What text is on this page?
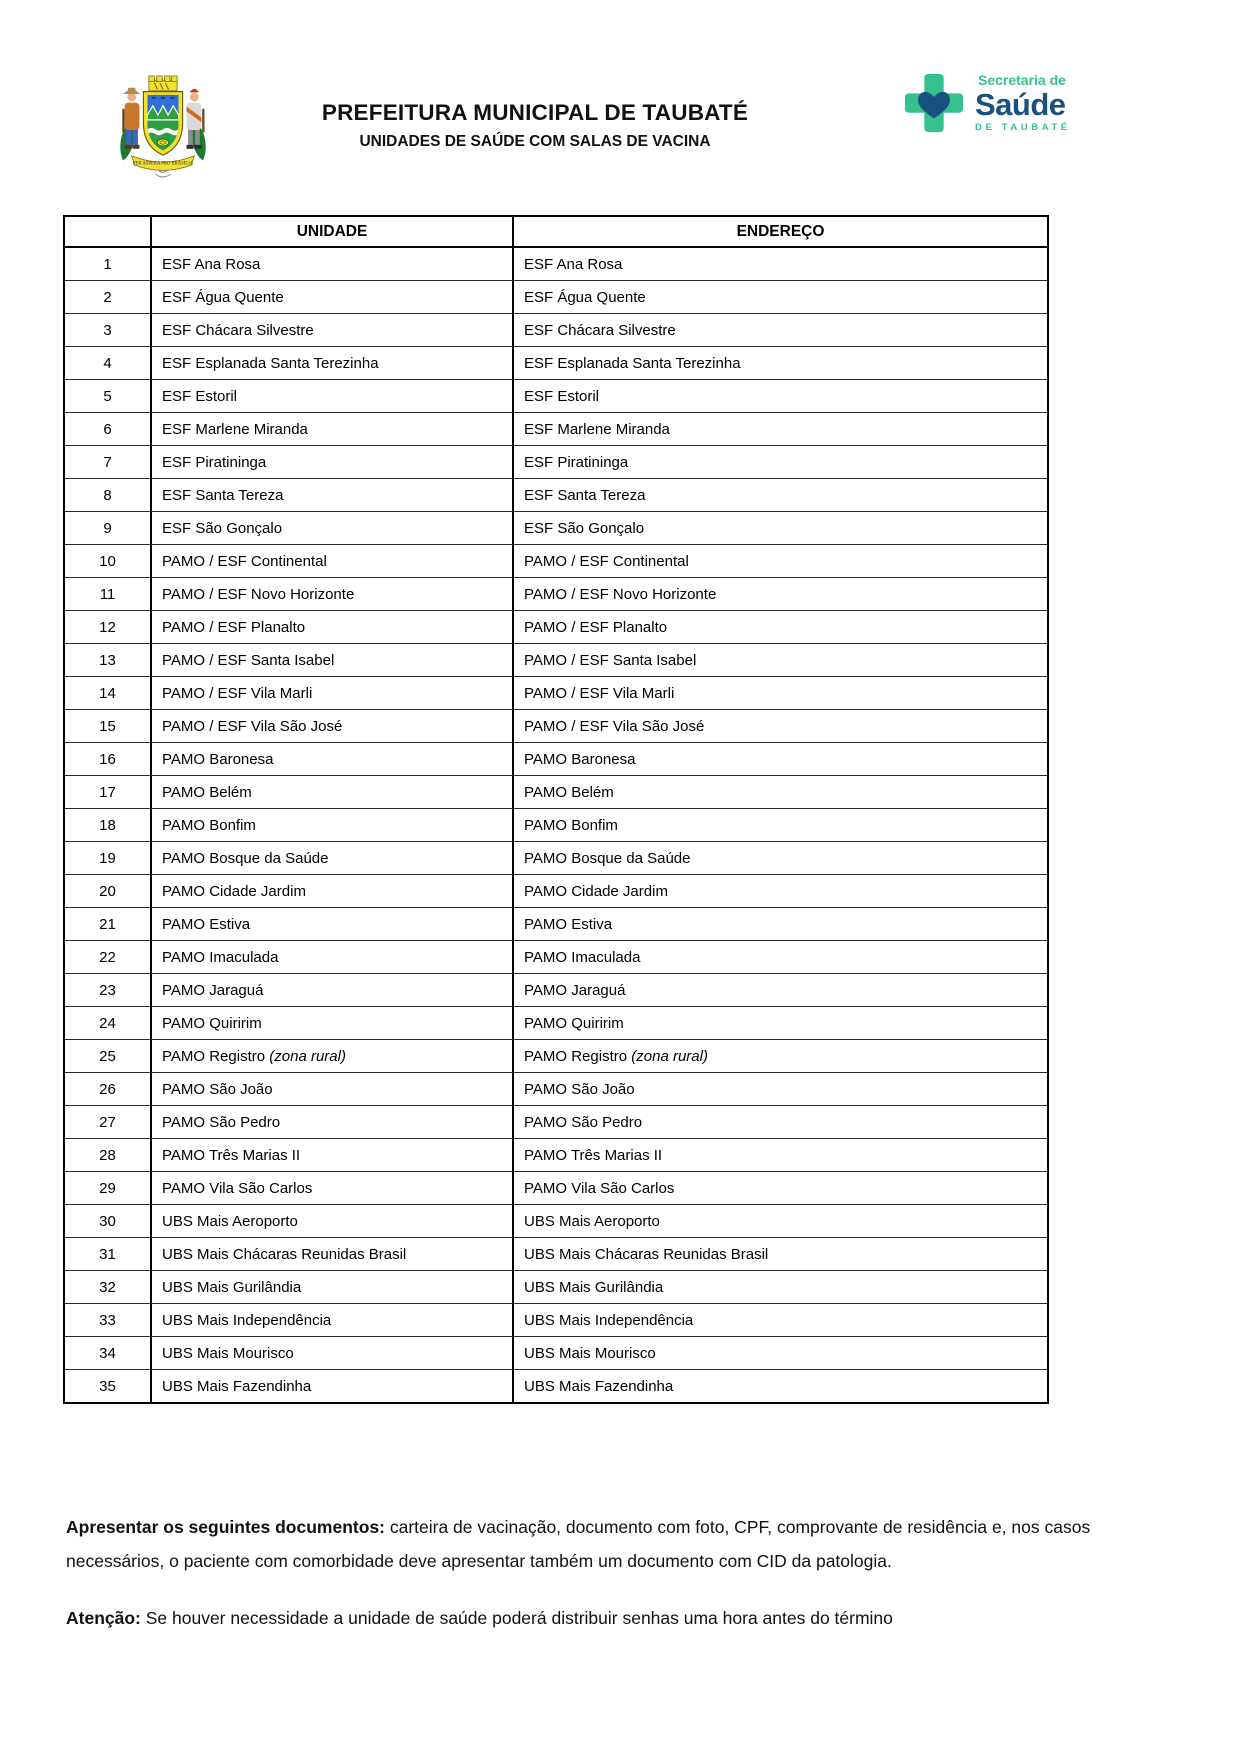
PER ASPERA PRO BRASILIA
PREFEITURA MUNICIPAL DE TAUBATÉ
UNIDADES DE SAÚDE COM SALAS DE VACINA
Secretaria de
Saúde
DE TAUBATÉ
	UNIDADE	ENDEREÇO
1	ESF Ana Rosa	ESF Ana Rosa
2	ESF Água Quente	ESF Água Quente
3	ESF Chácara Silvestre	ESF Chácara Silvestre
4	ESF Esplanada Santa Terezinha	ESF Esplanada Santa Terezinha
5	ESF Estoril	ESF Estoril
6	ESF Marlene Miranda	ESF Marlene Miranda
7	ESF Piratininga	ESF Piratininga
8	ESF Santa Tereza	ESF Santa Tereza
9	ESF São Gonçalo	ESF São Gonçalo
10	PAMO / ESF Continental	PAMO / ESF Continental
11	PAMO / ESF Novo Horizonte	PAMO / ESF Novo Horizonte
12	PAMO / ESF Planalto	PAMO / ESF Planalto
13	PAMO / ESF Santa Isabel	PAMO / ESF Santa Isabel
14	PAMO / ESF Vila Marli	PAMO / ESF Vila Marli
15	PAMO / ESF Vila São José	PAMO / ESF Vila São José
16	PAMO Baronesa	PAMO Baronesa
17	PAMO Belém	PAMO Belém
18	PAMO Bonfim	PAMO Bonfim
19	PAMO Bosque da Saúde	PAMO Bosque da Saúde
20	PAMO Cidade Jardim	PAMO Cidade Jardim
21	PAMO Estiva	PAMO Estiva
22	PAMO Imaculada	PAMO Imaculada
23	PAMO Jaraguá	PAMO Jaraguá
24	PAMO Quiririm	PAMO Quiririm
25	PAMO Registro (zona rural)	PAMO Registro (zona rural)
26	PAMO São João	PAMO São João
27	PAMO São Pedro	PAMO São Pedro
28	PAMO Três Marias II	PAMO Três Marias II
29	PAMO Vila São Carlos	PAMO Vila São Carlos
30	UBS Mais Aeroporto	UBS Mais Aeroporto
31	UBS Mais Chácaras Reunidas Brasil	UBS Mais Chácaras Reunidas Brasil
32	UBS Mais Gurilândia	UBS Mais Gurilândia
33	UBS Mais Independência	UBS Mais Independência
34	UBS Mais Mourisco	UBS Mais Mourisco
35	UBS Mais Fazendinha	UBS Mais Fazendinha
Apresentar os seguintes documentos: carteira de vacinação, documento com foto, CPF, comprovante de residência e, nos casos necessários, o paciente com comorbidade deve apresentar também um documento com CID da patologia.
Atenção: Se houver necessidade a unidade de saúde poderá distribuir senhas uma hora antes do término
